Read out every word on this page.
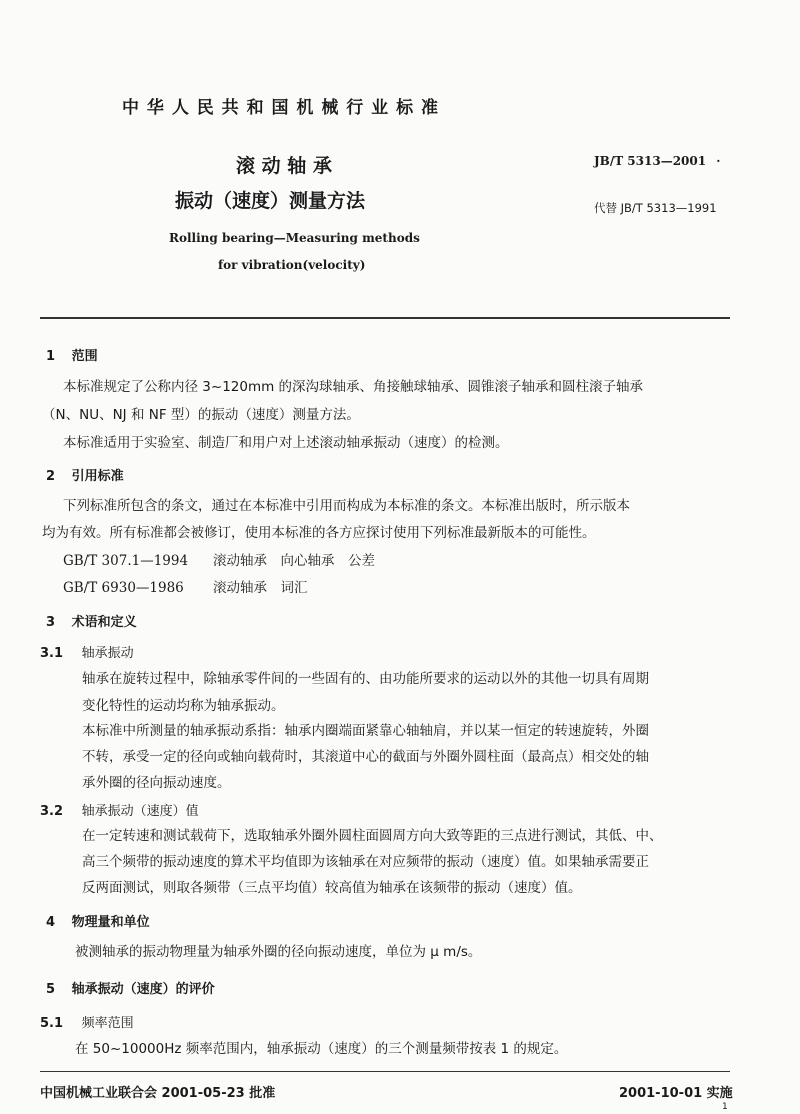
中 华 人 民 共 和 国 机 械 行 业 标 准
滚 动 轴 承
振动（速度）测量方法
Rolling bearing—Measuring methods
for vibration(velocity)
JB/T 5313—2001 ·
代替 JB/T 5313—1991
1 范围
本标准规定了公称内径 3~120mm 的深沟球轴承、角接触球轴承、圆锥滚子轴承和圆柱滚子轴承
（N、NU、NJ 和 NF 型）的振动（速度）测量方法。
本标准适用于实验室、制造厂和用户对上述滚动轴承振动（速度）的检测。
2 引用标准
下列标准所包含的条文，通过在本标准中引用而构成为本标准的条文。本标准出版时，所示版本
均为有效。所有标准都会被修订，使用本标准的各方应探讨使用下列标准最新版本的可能性。
GB/T 307.1—1994 滚动轴承　向心轴承　公差
GB/T 6930—1986 滚动轴承　词汇
3 术语和定义
3.1 轴承振动
轴承在旋转过程中，除轴承零件间的一些固有的、由功能所要求的运动以外的其他一切具有周期
变化特性的运动均称为轴承振动。
本标准中所测量的轴承振动系指：轴承内圈端面紧靠心轴轴肩，并以某一恒定的转速旋转，外圈
不转，承受一定的径向或轴向载荷时，其滚道中心的截面与外圈外圆柱面（最高点）相交处的轴
承外圈的径向振动速度。
3.2 轴承振动（速度）值
在一定转速和测试载荷下，选取轴承外圈外圆柱面圆周方向大致等距的三点进行测试，其低、中、
高三个频带的振动速度的算术平均值即为该轴承在对应频带的振动（速度）值。如果轴承需要正
反两面测试，则取各频带（三点平均值）较高值为轴承在该频带的振动（速度）值。
4 物理量和单位
被测轴承的振动物理量为轴承外圈的径向振动速度，单位为 μ m/s。
5 轴承振动（速度）的评价
5.1 频率范围
在 50~10000Hz 频率范围内，轴承振动（速度）的三个测量频带按表 1 的规定。
中国机械工业联合会 2001-05-23 批准	2001-10-01 实施
1
